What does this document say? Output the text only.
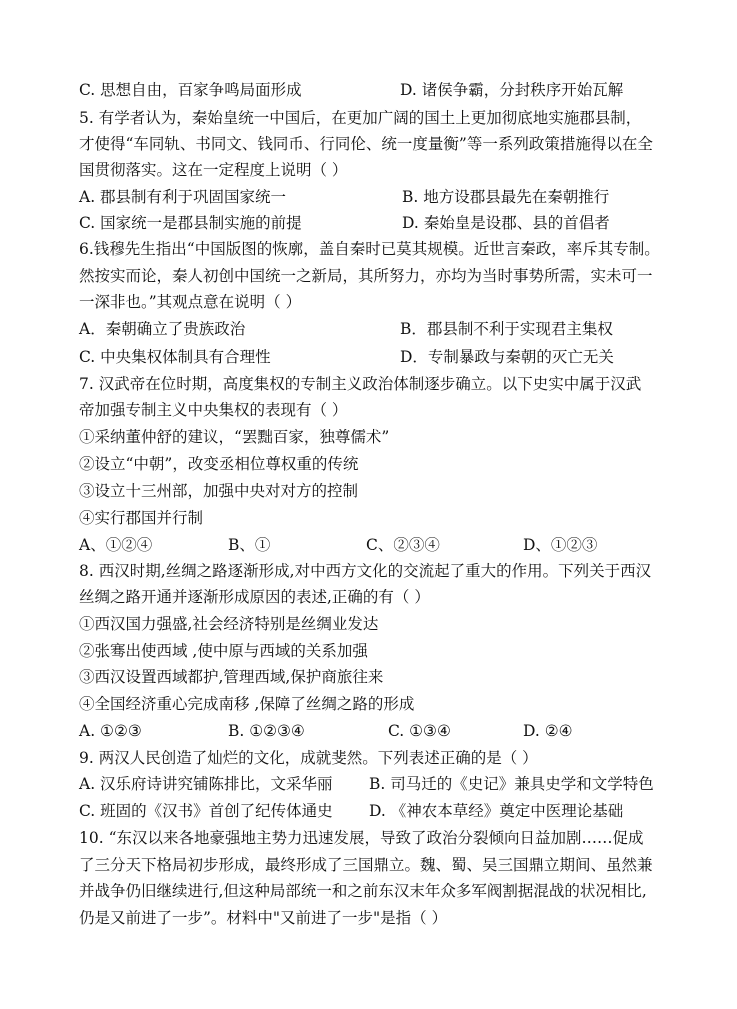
C. 思想自由，百家争鸣局面形成	D. 诸侯争霸，分封秩序开始瓦解
5. 有学者认为，秦始皇统一中国后，在更加广阔的国土上更加彻底地实施郡县制，
才使得“车同轨、书同文、钱同币、行同伦、统一度量衡”等一系列政策措施得以在全
国贯彻落实。这在一定程度上说明（ ）
A. 郡县制有利于巩固国家统一	B. 地方设郡县最先在秦朝推行
C. 国家统一是郡县制实施的前提	D. 秦始皇是设郡、县的首倡者
6.钱穆先生指出“中国版图的恢廓，盖自秦时已莫其规模。近世言秦政，率斥其专制。
然按实而论，秦人初创中国统一之新局，其所努力，亦均为当时事势所需，实未可一
一深非也。”其观点意在说明（ ）
A．秦朝确立了贵族政治	B．郡县制不利于实现君主集权
C. 中央集权体制具有合理性	D．专制暴政与秦朝的灭亡无关
7. 汉武帝在位时期，高度集权的专制主义政治体制逐步确立。以下史实中属于汉武
帝加强专制主义中央集权的表现有（ ）
①采纳董仲舒的建议，“罢黜百家，独尊儒术”
②设立“中朝”，改变丞相位尊权重的传统
③设立十三州部，加强中央对对方的控制
④实行郡国并行制
A、①②④	B、①	C、②③④	D、①②③
8. 西汉时期,丝绸之路逐渐形成,对中西方文化的交流起了重大的作用。下列关于西汉
丝绸之路开通并逐渐形成原因的表述,正确的有（ ）
①西汉国力强盛,社会经济特别是丝绸业发达
②张骞出使西域 ,使中原与西域的关系加强
③西汉设置西域都护,管理西域,保护商旅往来
④全国经济重心完成南移 ,保障了丝绸之路的形成
A. ①②③	B. ①②③④	C. ①③④	D. ②④
9. 两汉人民创造了灿烂的文化，成就斐然。下列表述正确的是（ ）
A. 汉乐府诗讲究铺陈排比，文采华丽 B. 司马迁的《史记》兼具史学和文学特色
C. 班固的《汉书》首创了纪传体通史 D. 《神农本草经》奠定中医理论基础
10. “东汉以来各地豪强地主势力迅速发展，导致了政治分裂倾向日益加剧……促成
了三分天下格局初步形成，最终形成了三国鼎立。魏、蜀、吴三国鼎立期间、虽然兼
并战争仍旧继续进行,但这种局部统一和之前东汉末年众多军阀割据混战的状况相比,
仍是又前进了一步”。材料中"又前进了一步"是指（ ）
